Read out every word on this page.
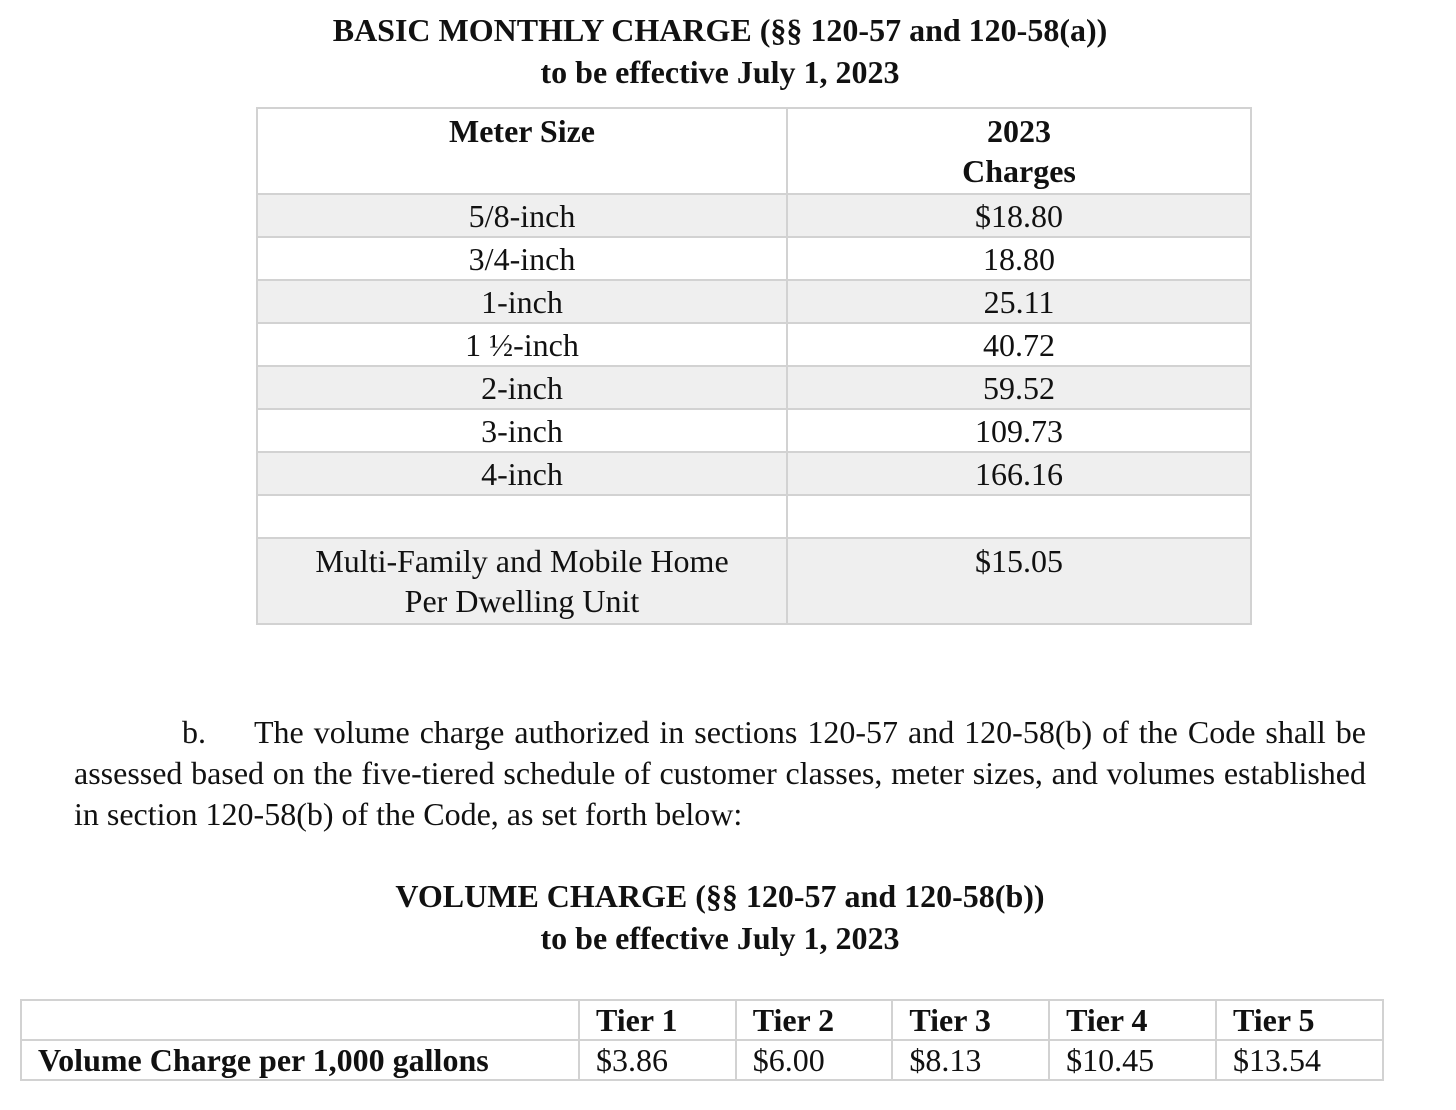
BASIC MONTHLY CHARGE (§§ 120-57 and 120-58(a))
to be effective July 1, 2023
Meter Size	2023
Charges

5/8-inch	$18.80
3/4-inch	18.80
1-inch	25.11
1 ½-inch	40.72
2-inch	59.52
3-inch	109.73
4-inch	166.16

Multi-Family and Mobile Home
Per Dwelling Unit	$15.05
b. The volume charge authorized in sections 120-57 and 120-58(b) of the Code shall be assessed based on the five-tiered schedule of customer classes, meter sizes, and volumes established in section 120-58(b) of the Code, as set forth below:
VOLUME CHARGE (§§ 120-57 and 120-58(b))
to be effective July 1, 2023
	Tier 1	Tier 2	Tier 3	Tier 4	Tier 5
Volume Charge per 1,000 gallons	$3.86	$6.00	$8.13	$10.45	$13.54
